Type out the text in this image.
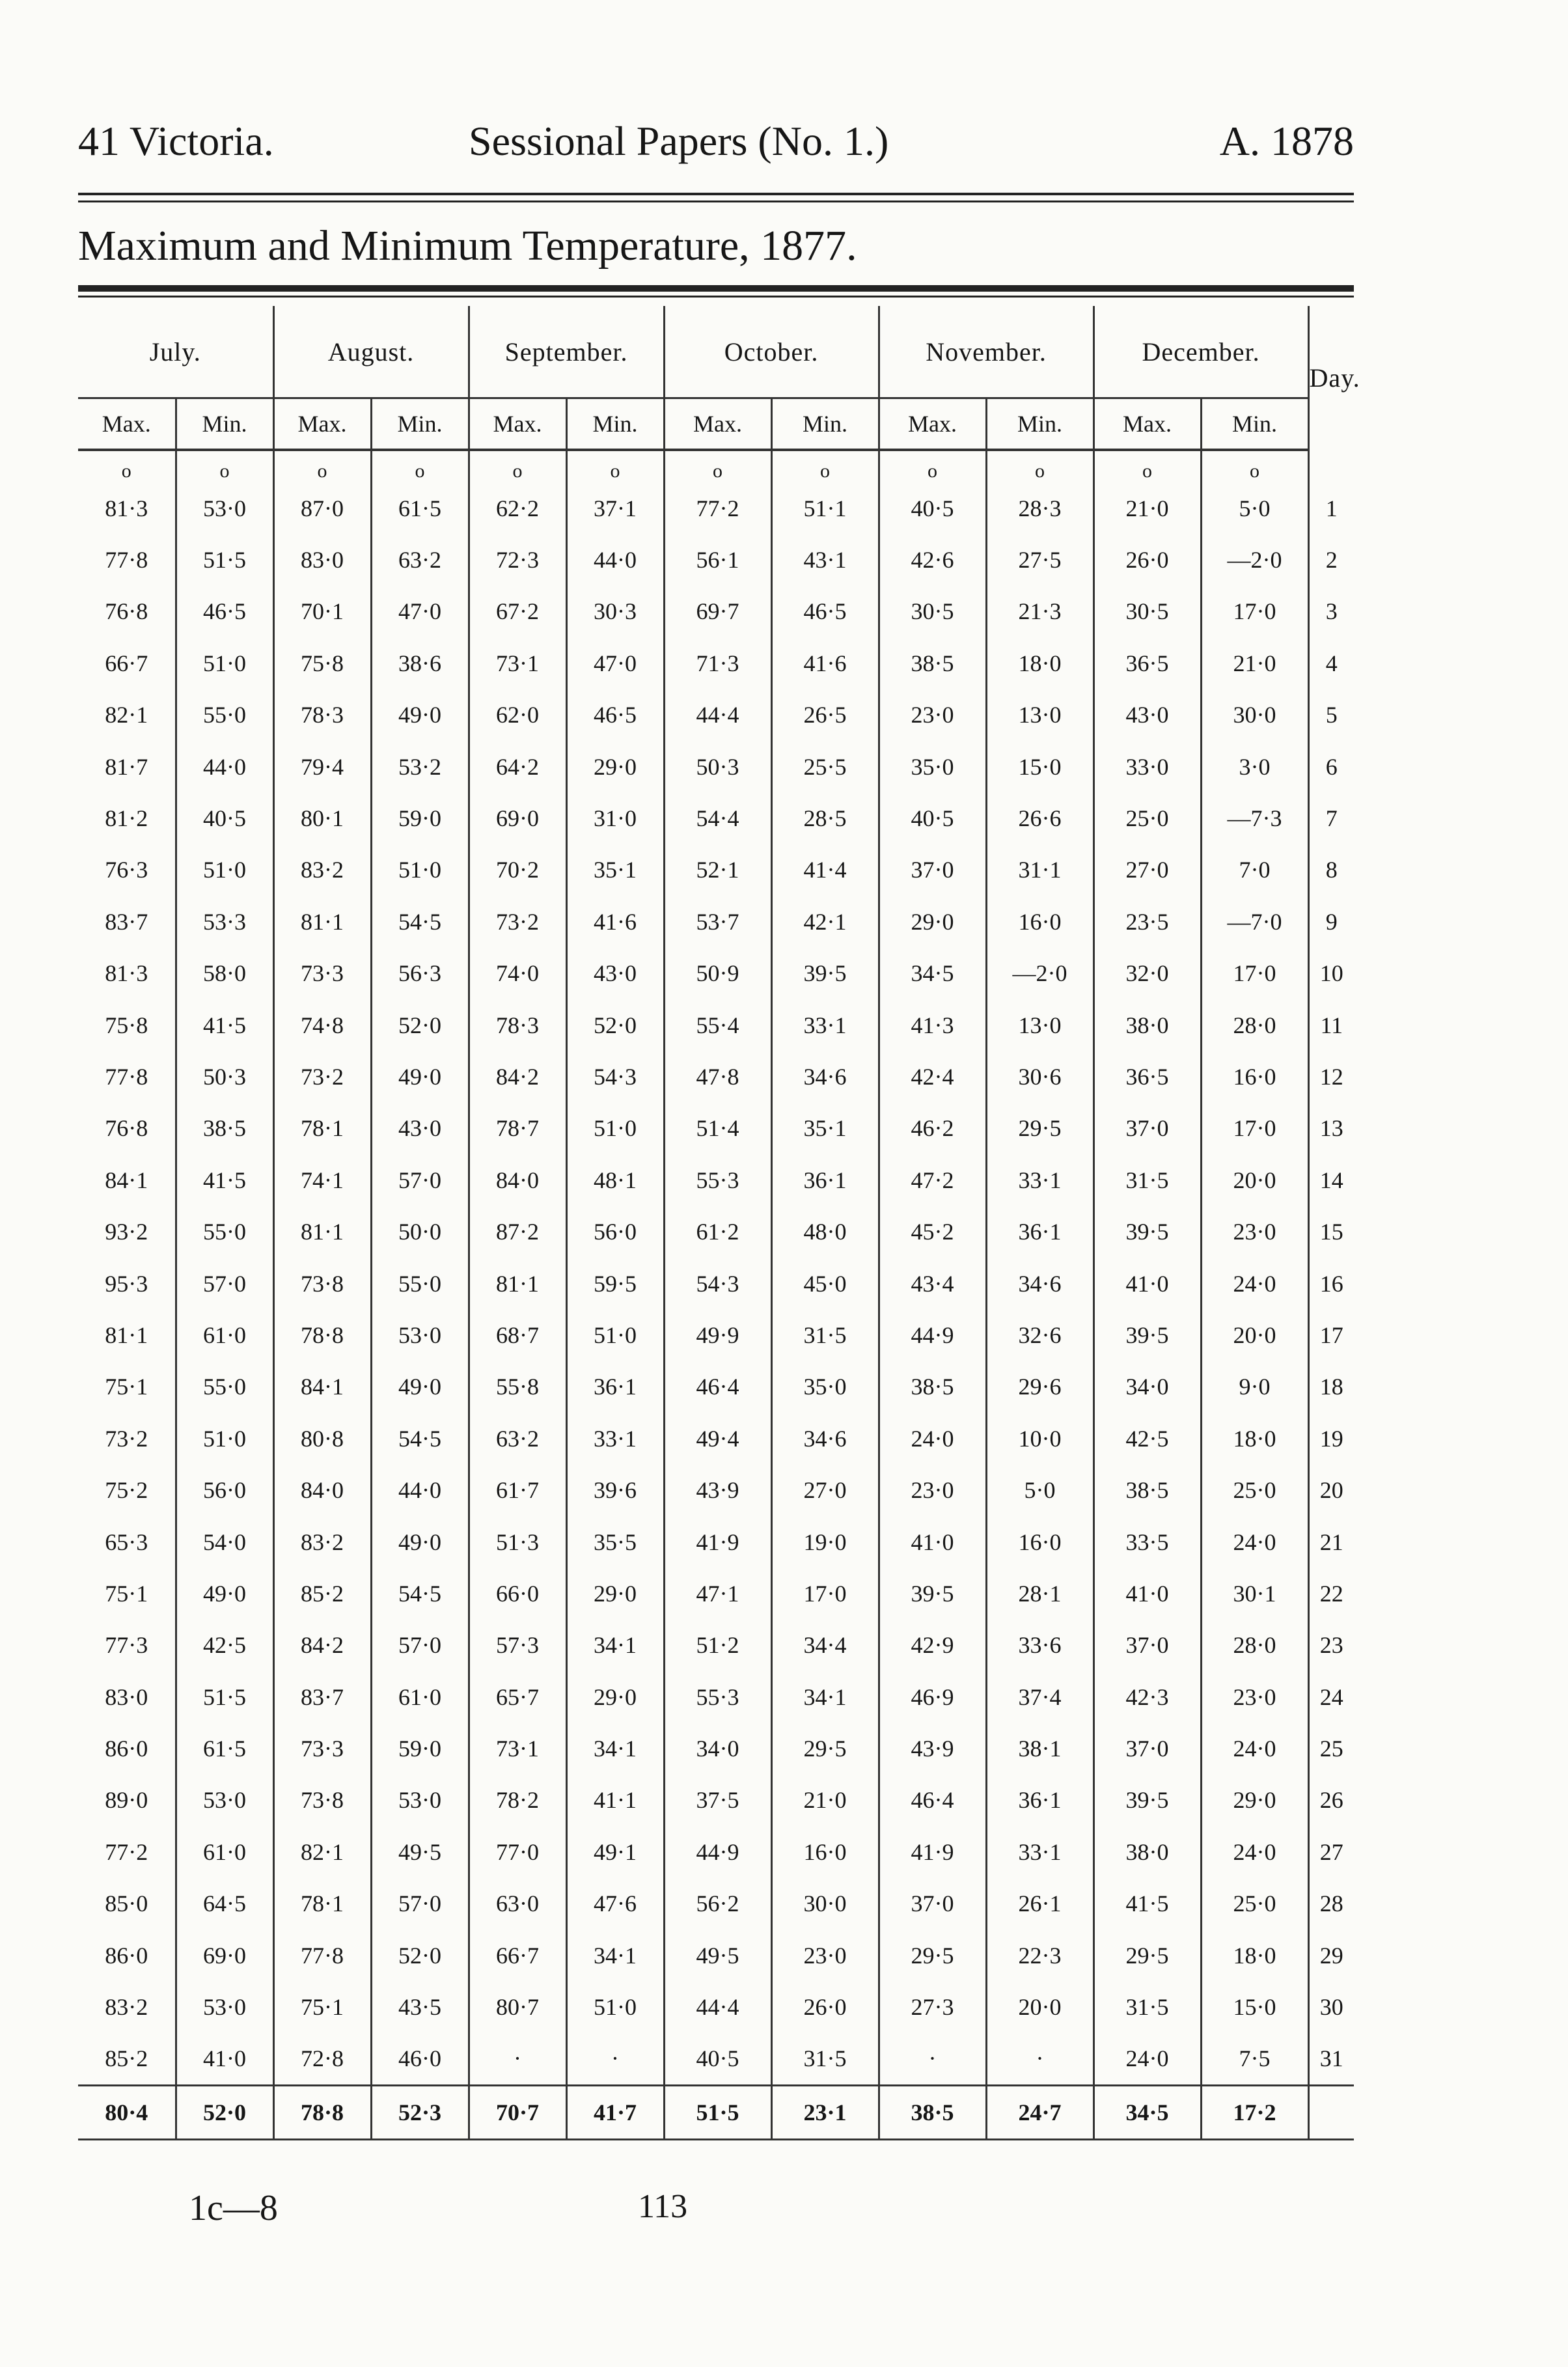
41 Victoria.	Sessional Papers (No. 1.)	A. 1878
Maximum and Minimum Temperature, 1877.
July.		August.		September.		October.		November.		December.		Day.
Max.	Min.	Max.	Min.	Max.	Min.	Max.	Min.	Max.	Min.	Max.	Min.	
o	o	o	o	o	o	o	o	o	o	o	o	
81·3	53·0	87·0	61·5	62·2	37·1	77·2	51·1	40·5	28·3	21·0	5·0	1
77·8	51·5	83·0	63·2	72·3	44·0	56·1	43·1	42·6	27·5	26·0	—2·0	2
76·8	46·5	70·1	47·0	67·2	30·3	69·7	46·5	30·5	21·3	30·5	17·0	3
66·7	51·0	75·8	38·6	73·1	47·0	71·3	41·6	38·5	18·0	36·5	21·0	4
82·1	55·0	78·3	49·0	62·0	46·5	44·4	26·5	23·0	13·0	43·0	30·0	5
81·7	44·0	79·4	53·2	64·2	29·0	50·3	25·5	35·0	15·0	33·0	3·0	6
81·2	40·5	80·1	59·0	69·0	31·0	54·4	28·5	40·5	26·6	25·0	—7·3	7
76·3	51·0	83·2	51·0	70·2	35·1	52·1	41·4	37·0	31·1	27·0	7·0	8
83·7	53·3	81·1	54·5	73·2	41·6	53·7	42·1	29·0	16·0	23·5	—7·0	9
81·3	58·0	73·3	56·3	74·0	43·0	50·9	39·5	34·5	—2·0	32·0	17·0	10
75·8	41·5	74·8	52·0	78·3	52·0	55·4	33·1	41·3	13·0	38·0	28·0	11
77·8	50·3	73·2	49·0	84·2	54·3	47·8	34·6	42·4	30·6	36·5	16·0	12
76·8	38·5	78·1	43·0	78·7	51·0	51·4	35·1	46·2	29·5	37·0	17·0	13
84·1	41·5	74·1	57·0	84·0	48·1	55·3	36·1	47·2	33·1	31·5	20·0	14
93·2	55·0	81·1	50·0	87·2	56·0	61·2	48·0	45·2	36·1	39·5	23·0	15
95·3	57·0	73·8	55·0	81·1	59·5	54·3	45·0	43·4	34·6	41·0	24·0	16
81·1	61·0	78·8	53·0	68·7	51·0	49·9	31·5	44·9	32·6	39·5	20·0	17
75·1	55·0	84·1	49·0	55·8	36·1	46·4	35·0	38·5	29·6	34·0	9·0	18
73·2	51·0	80·8	54·5	63·2	33·1	49·4	34·6	24·0	10·0	42·5	18·0	19
75·2	56·0	84·0	44·0	61·7	39·6	43·9	27·0	23·0	5·0	38·5	25·0	20
65·3	54·0	83·2	49·0	51·3	35·5	41·9	19·0	41·0	16·0	33·5	24·0	21
75·1	49·0	85·2	54·5	66·0	29·0	47·1	17·0	39·5	28·1	41·0	30·1	22
77·3	42·5	84·2	57·0	57·3	34·1	51·2	34·4	42·9	33·6	37·0	28·0	23
83·0	51·5	83·7	61·0	65·7	29·0	55·3	34·1	46·9	37·4	42·3	23·0	24
86·0	61·5	73·3	59·0	73·1	34·1	34·0	29·5	43·9	38·1	37·0	24·0	25
89·0	53·0	73·8	53·0	78·2	41·1	37·5	21·0	46·4	36·1	39·5	29·0	26
77·2	61·0	82·1	49·5	77·0	49·1	44·9	16·0	41·9	33·1	38·0	24·0	27
85·0	64·5	78·1	57·0	63·0	47·6	56·2	30·0	37·0	26·1	41·5	25·0	28
86·0	69·0	77·8	52·0	66·7	34·1	49·5	23·0	29·5	22·3	29·5	18·0	29
83·2	53·0	75·1	43·5	80·7	51·0	44·4	26·0	27·3	20·0	31·5	15·0	30
85·2	41·0	72·8	46·0	·	·	40·5	31·5	·	·	24·0	7·5	31
80·4	52·0	78·8	52·3	70·7	41·7	51·5	23·1	38·5	24·7	34·5	17·2	
1c—8	113
